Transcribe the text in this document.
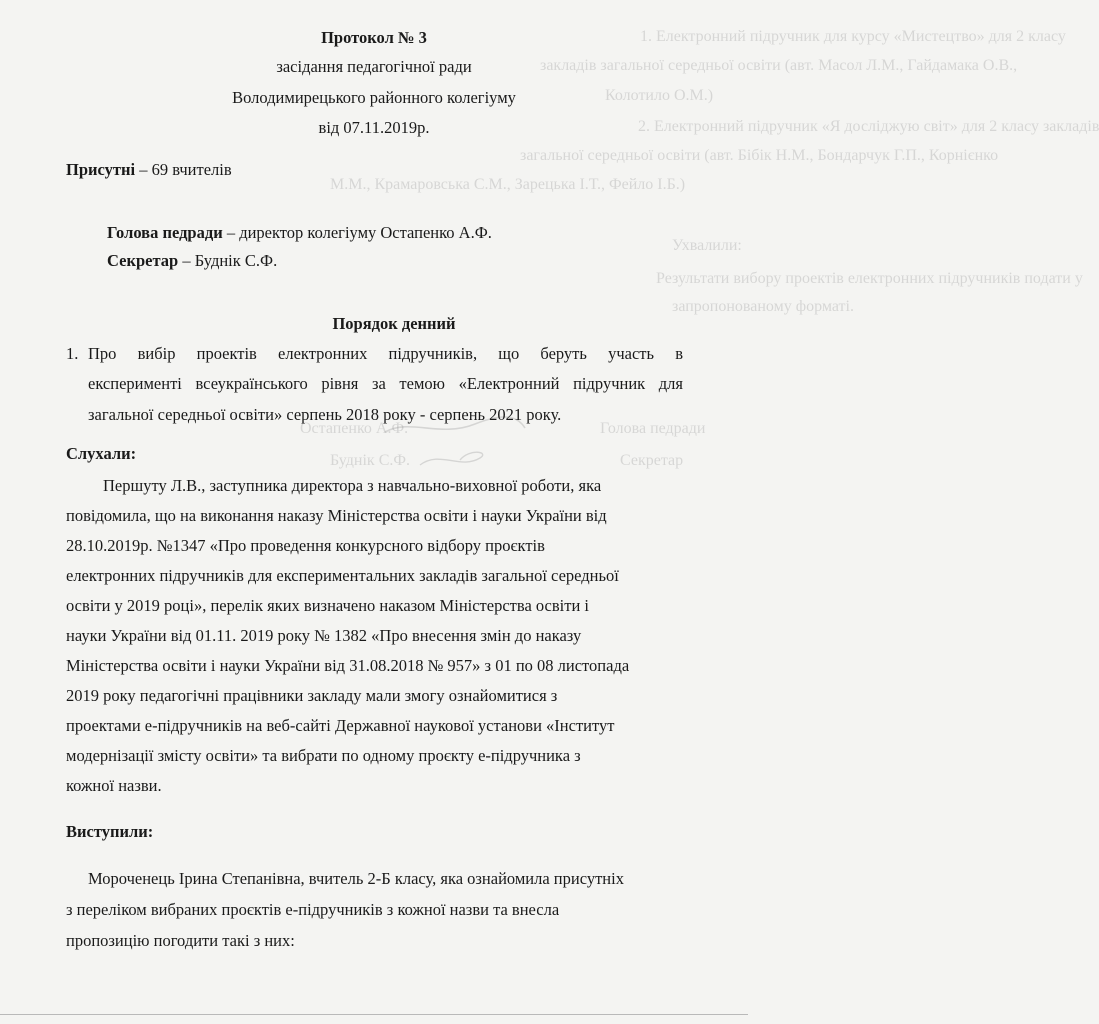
1. Електронний підручник для курсу «Мистецтво» для 2 класу
закладів загальної середньої освіти (авт. Масол Л.М., Гайдамака О.В.,
Колотило О.М.)
2. Електронний підручник «Я досліджую світ» для 2 класу закладів
загальної середньої освіти (авт. Бібік Н.М., Бондарчук Г.П., Корнієнко
М.М., Крамаровська С.М., Зарецька І.Т., Фейло І.Б.)
Ухвалили:
Результати вибору проектів електронних підручників подати у
запропонованому форматі.
Голова педради
Остапенко А.Ф.
Секретар
Буднік С.Ф.
Протокол № 3
засідання педагогічної ради
Володимирецького районного колегіуму
від 07.11.2019р.
Присутні – 69 вчителів
Голова педради – директор колегіуму Остапенко А.Ф.
Секретар – Буднік С.Ф.
Порядок денний
1. Про вибір проектів електронних підручників, що беруть участь в
експерименті всеукраїнського рівня за темою «Електронний підручник для
загальної середньої освіти» серпень 2018 року - серпень 2021 року.
Слухали:
Першуту Л.В., заступника директора з навчально-виховної роботи, яка
повідомила, що на виконання наказу Міністерства освіти і науки України від
28.10.2019р. №1347 «Про проведення конкурсного відбору проєктів
електронних підручників для експериментальних закладів загальної середньої
освіти у 2019 році», перелік яких визначено наказом Міністерства освіти і
науки України від 01.11. 2019 року № 1382 «Про внесення змін до наказу
Міністерства освіти і науки України від 31.08.2018 № 957» з 01 по 08 листопада
2019 року педагогічні працівники закладу мали змогу ознайомитися з
проектами е-підручників на веб-сайті Державної наукової установи «Інститут
модернізації змісту освіти» та вибрати по одному проєкту е-підручника з
кожної назви.
Виступили:
Мороченець Ірина Степанівна, вчитель 2-Б класу, яка ознайомила присутніх
з переліком вибраних проєктів е-підручників з кожної назви та внесла
пропозицію погодити такі з них:
